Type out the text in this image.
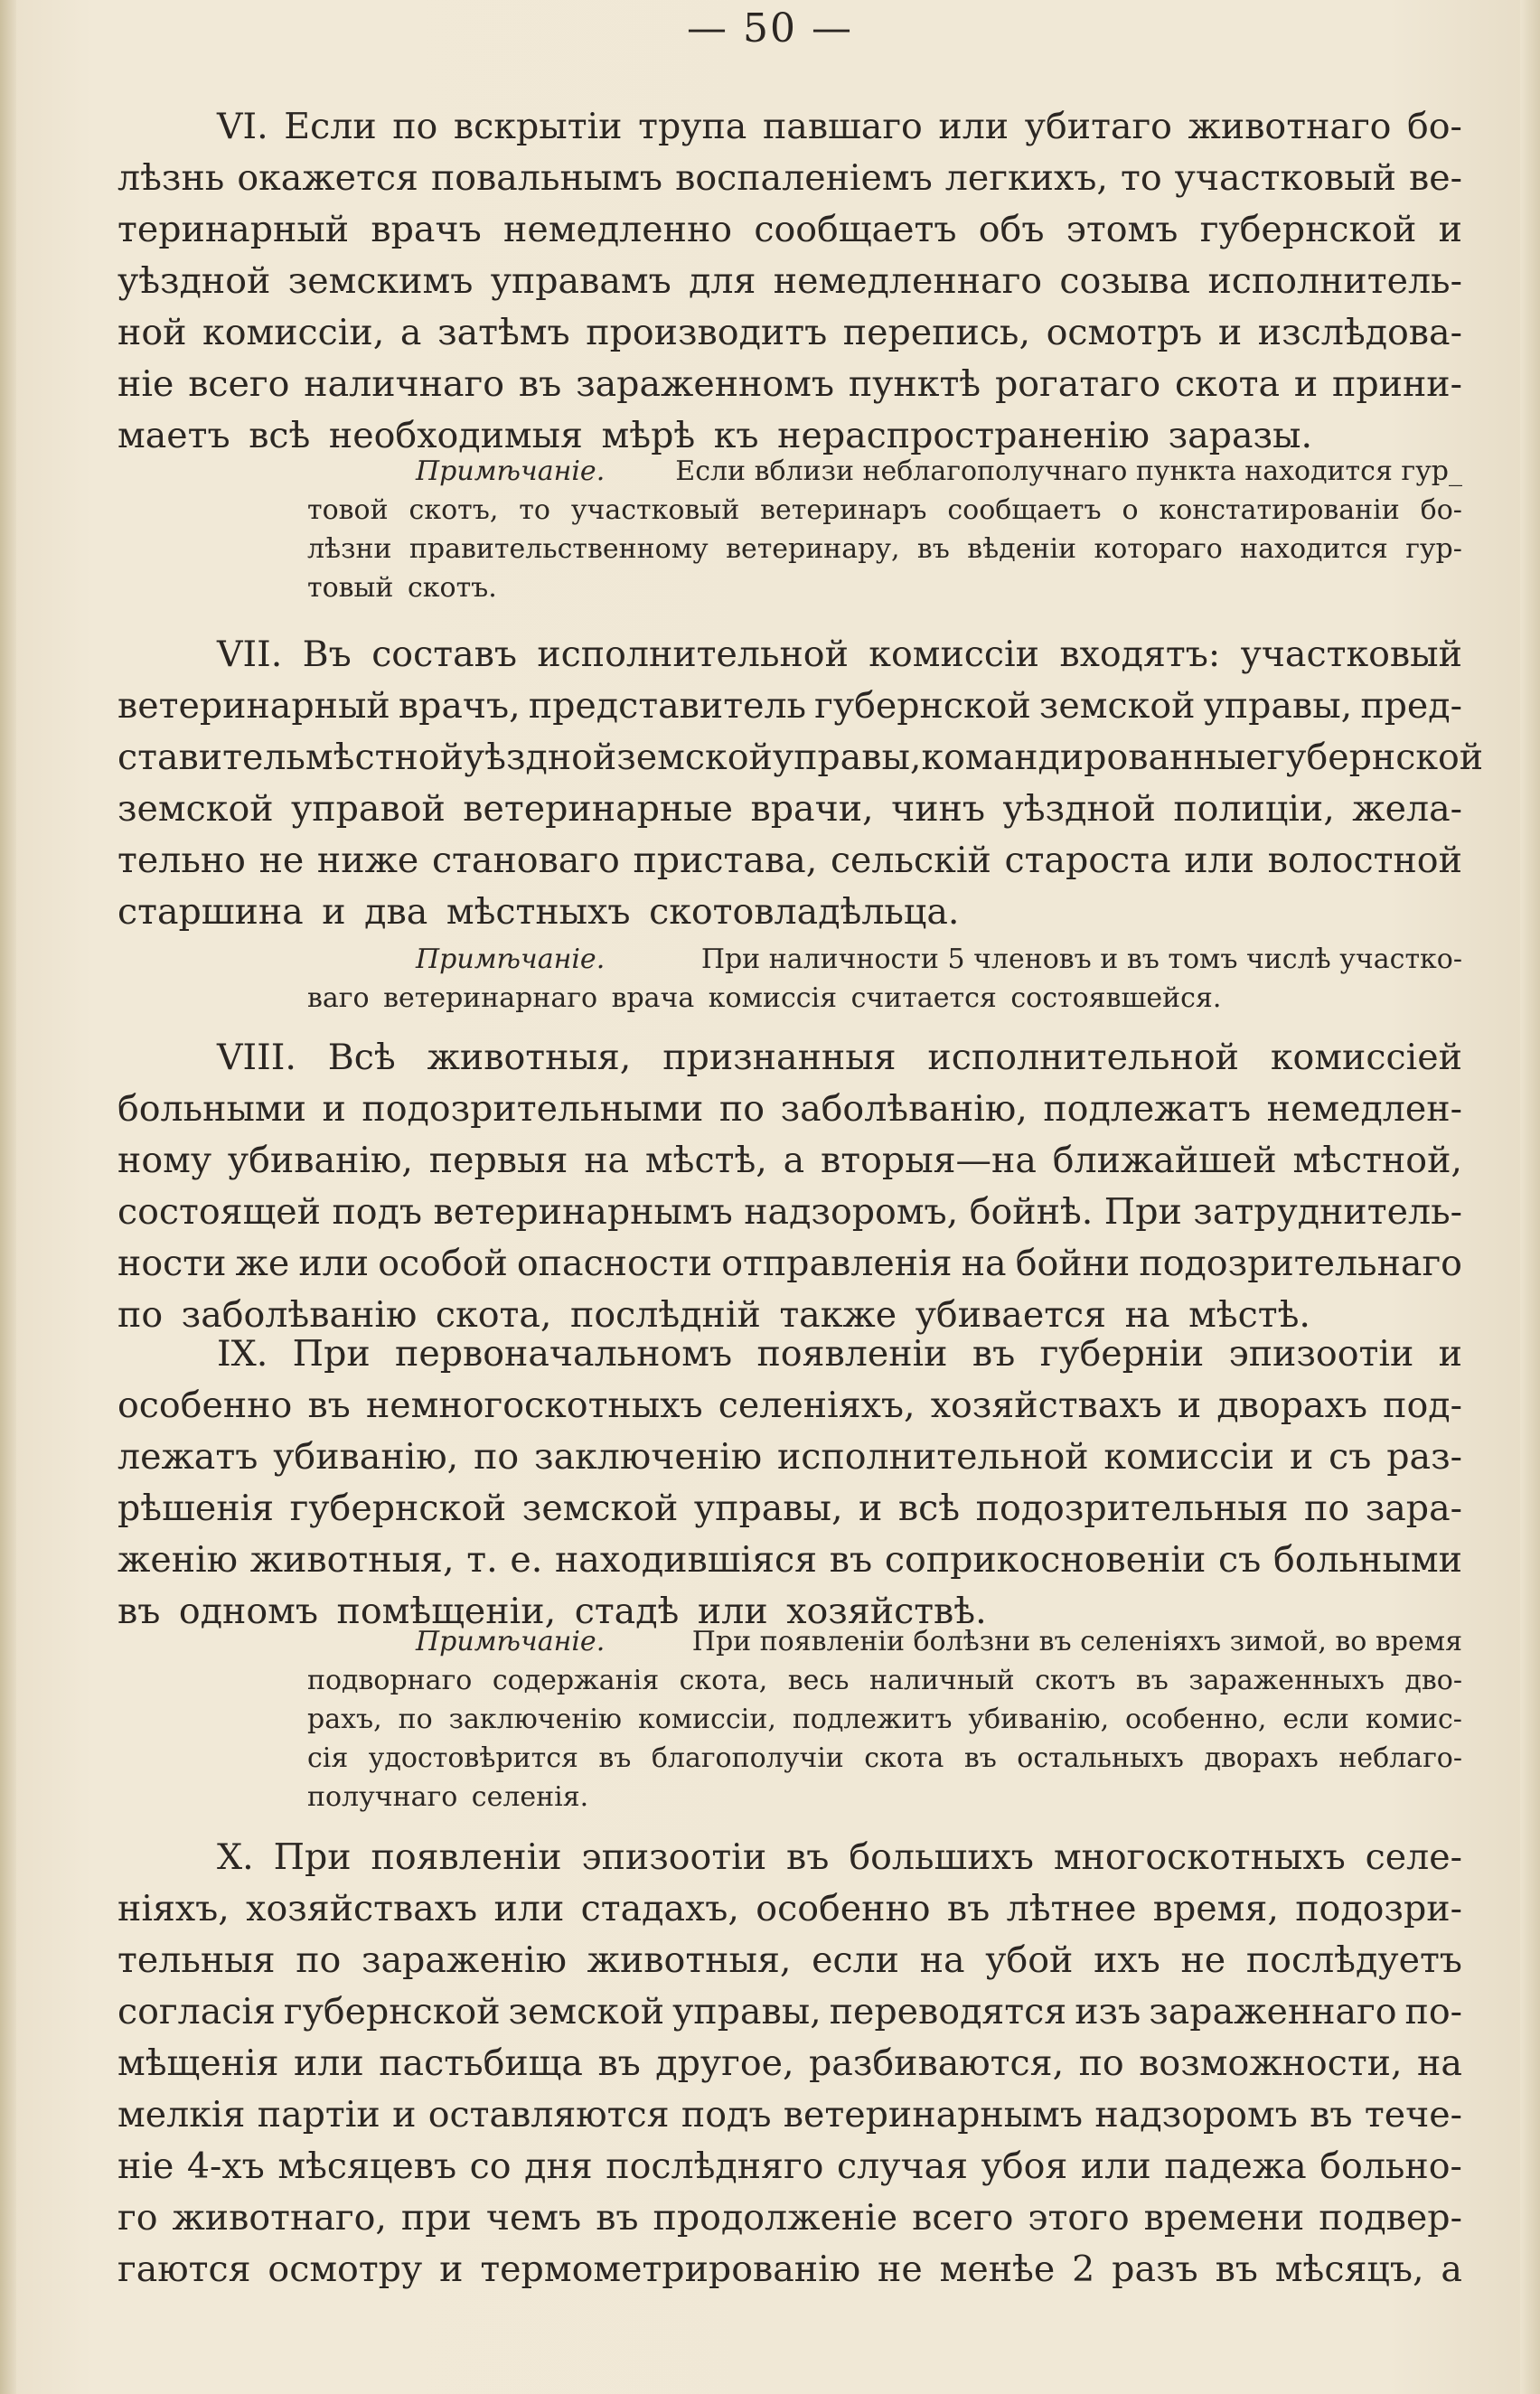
— 50 —
VI. Если по вскрытіи трупа павшаго или убитаго животнаго бо-
лѣзнь окажется повальнымъ воспаленіемъ легкихъ, то участковый ве-
теринарный врачъ немедленно сообщаетъ объ этомъ губернской и
уѣздной земскимъ управамъ для немедленнаго созыва исполнитель-
ной комиссіи, а затѣмъ производитъ перепись, осмотръ и изслѣдова-
ніе всего наличнаго въ зараженномъ пунктѣ рогатаго скота и прини-
маетъ всѣ необходимыя мѣрѣ къ нераспространенію заразы.
Примѣчаніе.	Если вблизи неблагополучнаго пункта находится гур_
товой скотъ, то участковый ветеринаръ сообщаетъ о констатированіи бо-
лѣзни правительственному ветеринару, въ вѣденіи котораго находится гур-
товый скотъ.
VII. Въ составъ исполнительной комиссіи входятъ: участковый
ветеринарный врачъ, представитель губернской земской управы, пред-
ставитель мѣстной уѣздной земской управы, командированные губернской
земской управой ветеринарные врачи, чинъ уѣздной полиціи, жела-
тельно не ниже становаго пристава, сельскій староста или волостной
старшина и два мѣстныхъ скотовладѣльца.
Примѣчаніе.	При наличности 5 членовъ и въ томъ числѣ участко-
ваго ветеринарнаго врача комиссія считается состоявшейся.
VIII. Всѣ животныя, признанныя исполнительной комиссіей
больными и подозрительными по заболѣванію, подлежатъ немедлен-
ному убиванію, первыя на мѣстѣ, а вторыя—на ближайшей мѣстной,
состоящей подъ ветеринарнымъ надзоромъ, бойнѣ. При затруднитель-
ности же или особой опасности отправленія на бойни подозрительнаго
по заболѣванію скота, послѣдній также убивается на мѣстѣ.
IX. При первоначальномъ появленіи въ губерніи эпизоотіи и
особенно въ немногоскотныхъ селеніяхъ, хозяйствахъ и дворахъ под-
лежатъ убиванію, по заключенію исполнительной комиссіи и съ раз-
рѣшенія губернской земской управы, и всѣ подозрительныя по зара-
женію животныя, т. е. находившіяся въ соприкосновеніи съ больными
въ одномъ помѣщеніи, стадѣ или хозяйствѣ.
Примѣчаніе.	При появленіи болѣзни въ селеніяхъ зимой, во время
подворнаго содержанія скота, весь наличный скотъ въ зараженныхъ дво-
рахъ, по заключенію комиссіи, подлежитъ убиванію, особенно, если комис-
сія удостовѣрится въ благополучіи скота въ остальныхъ дворахъ неблаго-
получнаго селенія.
X. При появленіи эпизоотіи въ большихъ многоскотныхъ селе-
ніяхъ, хозяйствахъ или стадахъ, особенно въ лѣтнее время, подозри-
тельныя по зараженію животныя, если на убой ихъ не послѣдуетъ
согласія губернской земской управы, переводятся изъ зараженнаго по-
мѣщенія или пастьбища въ другое, разбиваются, по возможности, на
мелкія партіи и оставляются подъ ветеринарнымъ надзоромъ въ тече-
ніе 4-хъ мѣсяцевъ со дня послѣдняго случая убоя или падежа больно-
го животнаго, при чемъ въ продолженіе всего этого времени подвер-
гаются осмотру и термометрированію не менѣе 2 разъ въ мѣсяцъ, а
